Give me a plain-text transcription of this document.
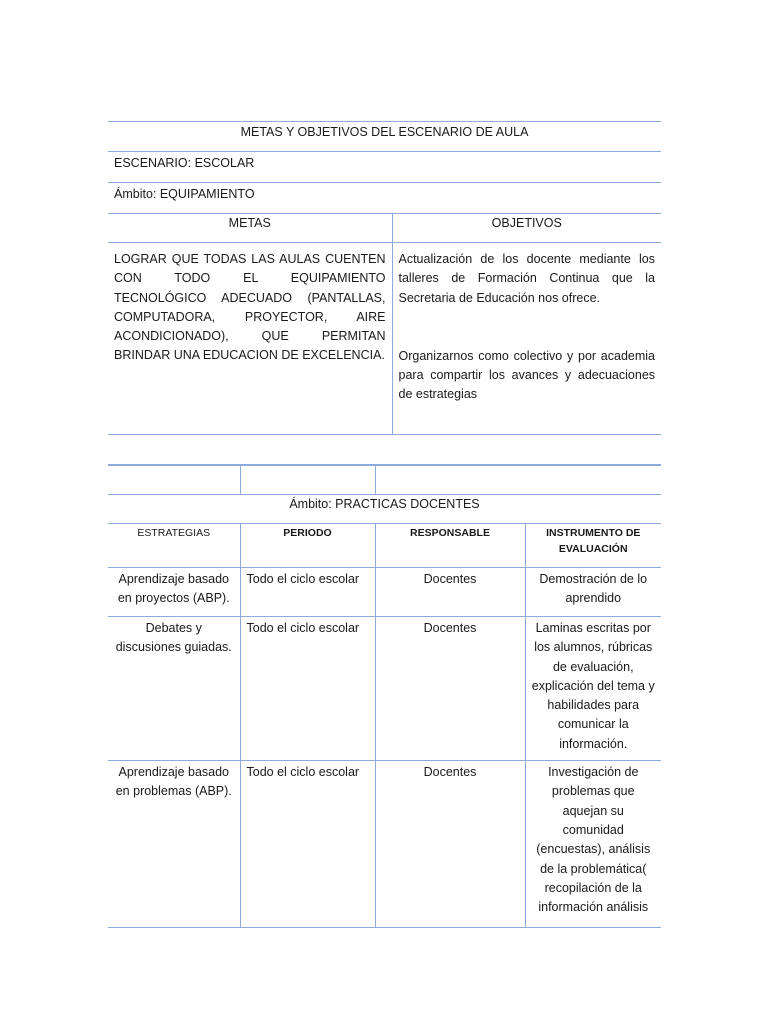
METAS Y OBJETIVOS DEL ESCENARIO DE AULA	
ESCENARIO: ESCOLAR	
Ámbito: EQUIPAMIENTO	
METAS	OBJETIVOS

LOGRAR QUE TODAS LAS AULAS CUENTEN CON TODO EL EQUIPAMIENTO TECNOLÓGICO ADECUADO (PANTALLAS, COMPUTADORA, PROYECTOR, AIRE ACONDICIONADO), QUE PERMITAN BRINDAR UNA EDUCACION DE EXCELENCIA.	Actualización de los docente mediante los talleres de Formación Continua que la Secretaria de Educación nos ofrece.
Organizarnos como colectivo y por academia para compartir los avances y adecuaciones de estrategias

Ámbito: PRACTICAS DOCENTES			
ESTRATEGIAS	PERIODO	RESPONSABLE	INSTRUMENTO DE EVALUACIÓN
Aprendizaje basado en proyectos (ABP).	Todo el ciclo escolar	Docentes	Demostración de lo aprendido
Debates y discusiones guiadas.	Todo el ciclo escolar	Docentes	Laminas escritas por los alumnos, rúbricas de evaluación, explicación del tema y habilidades para comunicar la información.
Aprendizaje basado en problemas (ABP).	Todo el ciclo escolar	Docentes	Investigación de problemas que aquejan su comunidad (encuestas), análisis de la problemática( recopilación de la información análisis
